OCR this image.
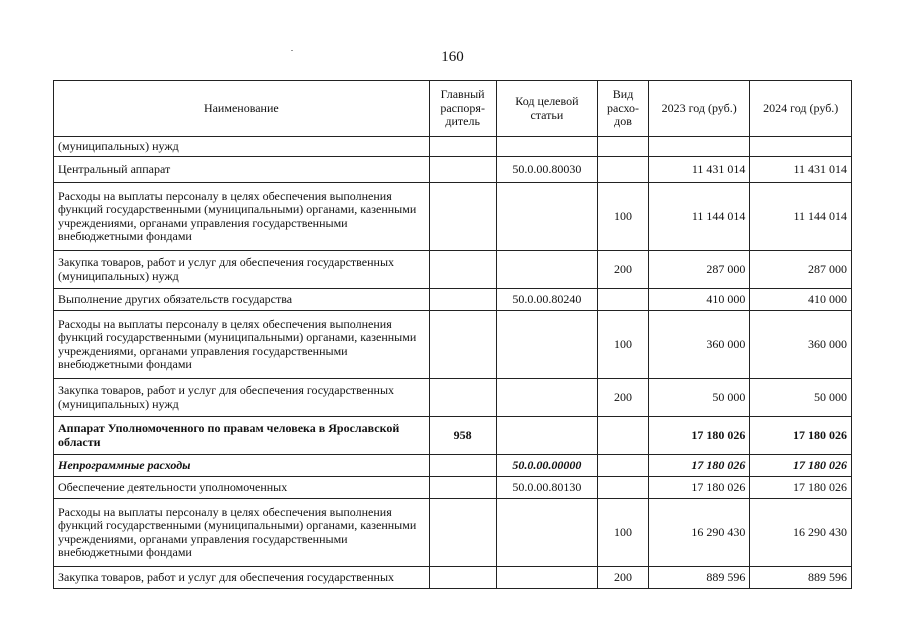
160
Наименование	Главный распоря- дитель	Код целевой статьи	Вид расхо- дов	2023 год (руб.)	2024 год (руб.)
(муниципальных) нужд					
Центральный аппарат		50.0.00.80030		11 431 014	11 431 014
Расходы на выплаты персоналу в целях обеспечения выполнения функций государственными (муниципальными) органами, казенными учреждениями, органами управления государственными внебюджетными фондами			100	11 144 014	11 144 014
Закупка товаров, работ и услуг для обеспечения государственных (муниципальных) нужд			200	287 000	287 000
Выполнение других обязательств государства		50.0.00.80240		410 000	410 000
Расходы на выплаты персоналу в целях обеспечения выполнения функций государственными (муниципальными) органами, казенными учреждениями, органами управления государственными внебюджетными фондами			100	360 000	360 000
Закупка товаров, работ и услуг для обеспечения государственных (муниципальных) нужд			200	50 000	50 000
Аппарат Уполномоченного по правам человека в Ярославской области	958			17 180 026	17 180 026
Непрограммные расходы		50.0.00.00000		17 180 026	17 180 026
Обеспечение деятельности уполномоченных		50.0.00.80130		17 180 026	17 180 026
Расходы на выплаты персоналу в целях обеспечения выполнения функций государственными (муниципальными) органами, казенными учреждениями, органами управления государственными внебюджетными фондами			100	16 290 430	16 290 430
Закупка товаров, работ и услуг для обеспечения государственных			200	889 596	889 596
